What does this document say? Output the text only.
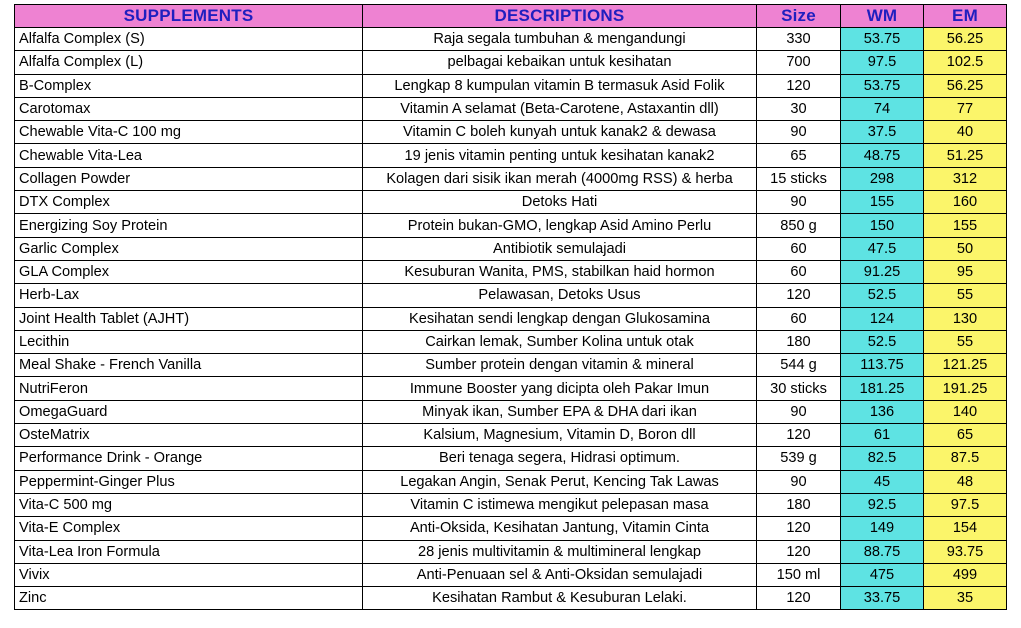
SUPPLEMENTS	DESCRIPTIONS	Size	WM	EM
Alfalfa Complex (S)	Raja segala tumbuhan & mengandungi	330	53.75	56.25
Alfalfa Complex (L)	pelbagai kebaikan untuk kesihatan	700	97.5	102.5
B-Complex	Lengkap 8 kumpulan vitamin B termasuk Asid Folik	120	53.75	56.25
Carotomax	Vitamin A selamat (Beta-Carotene, Astaxantin dll)	30	74	77
Chewable Vita-C 100 mg	Vitamin C boleh kunyah untuk kanak2 & dewasa	90	37.5	40
Chewable Vita-Lea	19 jenis vitamin penting untuk kesihatan kanak2	65	48.75	51.25
Collagen Powder	Kolagen dari sisik ikan merah (4000mg RSS) & herba	15 sticks	298	312
DTX Complex	Detoks Hati	90	155	160
Energizing Soy Protein	Protein bukan-GMO, lengkap Asid Amino Perlu	850 g	150	155
Garlic Complex	Antibiotik semulajadi	60	47.5	50
GLA Complex	Kesuburan Wanita, PMS, stabilkan haid hormon	60	91.25	95
Herb-Lax	Pelawasan, Detoks Usus	120	52.5	55
Joint Health Tablet (AJHT)	Kesihatan sendi lengkap dengan Glukosamina	60	124	130
Lecithin	Cairkan lemak, Sumber Kolina untuk otak	180	52.5	55
Meal Shake - French Vanilla	Sumber protein dengan vitamin & mineral	544 g	113.75	121.25
NutriFeron	Immune Booster yang dicipta oleh Pakar Imun	30 sticks	181.25	191.25
OmegaGuard	Minyak ikan, Sumber EPA & DHA dari ikan	90	136	140
OsteMatrix	Kalsium, Magnesium, Vitamin D, Boron dll	120	61	65
Performance Drink - Orange	Beri tenaga segera, Hidrasi optimum.	539 g	82.5	87.5
Peppermint-Ginger Plus	Legakan Angin, Senak Perut, Kencing Tak Lawas	90	45	48
Vita-C 500 mg	Vitamin C istimewa mengikut pelepasan masa	180	92.5	97.5
Vita-E Complex	Anti-Oksida, Kesihatan Jantung, Vitamin Cinta	120	149	154
Vita-Lea Iron Formula	28 jenis multivitamin & multimineral lengkap	120	88.75	93.75
Vivix	Anti-Penuaan sel & Anti-Oksidan semulajadi	150 ml	475	499
Zinc	Kesihatan Rambut & Kesuburan Lelaki.	120	33.75	35
